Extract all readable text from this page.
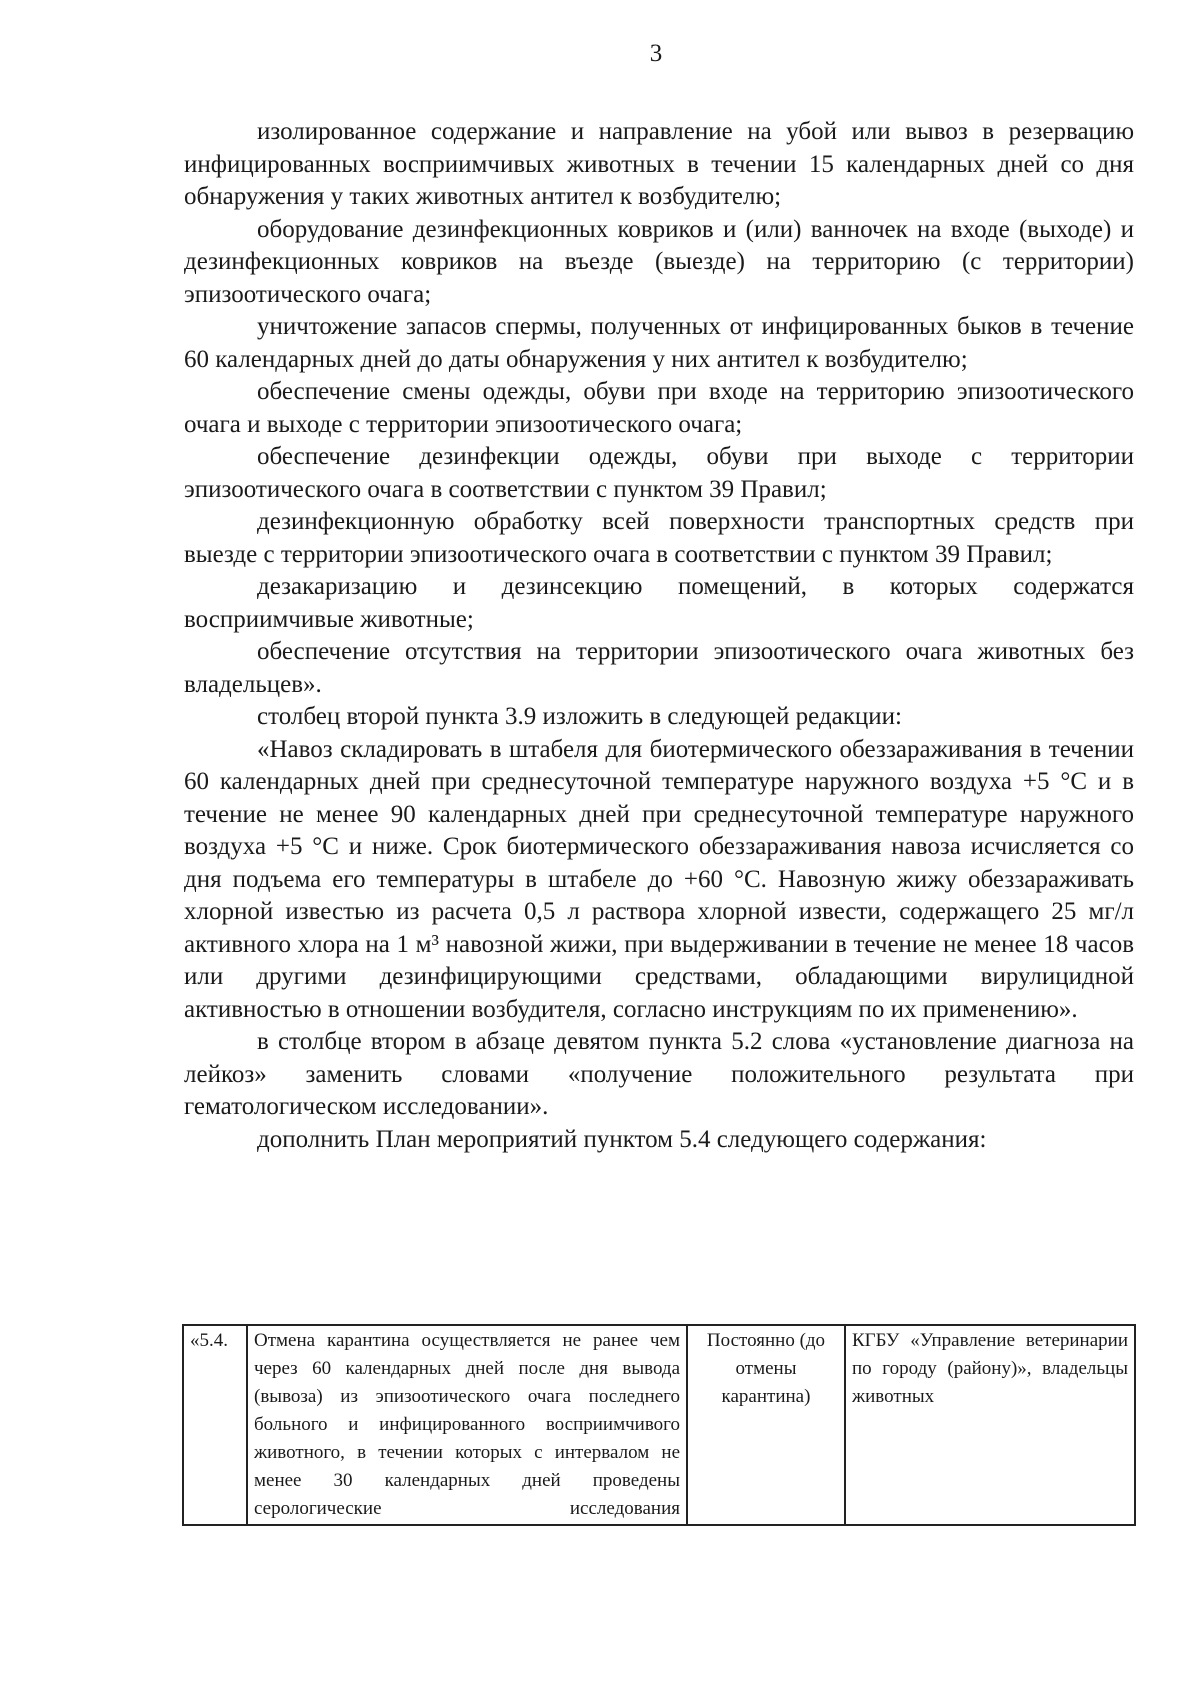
3

изолированное содержание и направление на убой или вывоз в резервацию инфицированных восприимчивых животных в течении 15 календарных дней со дня обнаружения у таких животных антител к возбудителю;

оборудование дезинфекционных ковриков и (или) ванночек на входе (выходе) и дезинфекционных ковриков на въезде (выезде) на территорию (с территории) эпизоотического очага;

уничтожение запасов спермы, полученных от инфицированных быков в течение 60 календарных дней до даты обнаружения у них антител к возбудителю;

обеспечение смены одежды, обуви при входе на территорию эпизоотического очага и выходе с территории эпизоотического очага;

обеспечение дезинфекции одежды, обуви при выходе с территории эпизоотического очага в соответствии с пунктом 39 Правил;

дезинфекционную обработку всей поверхности транспортных средств при выезде с территории эпизоотического очага в соответствии с пунктом 39 Правил;

дезакаризацию и дезинсекцию помещений, в которых содержатся восприимчивые животные;

обеспечение отсутствия на территории эпизоотического очага животных без владельцев».

столбец второй пункта 3.9 изложить в следующей редакции:

«Навоз складировать в штабеля для биотермического обеззараживания в течении 60 календарных дней при среднесуточной температуре наружного воздуха +5 °С и в течение не менее 90 календарных дней при среднесуточной температуре наружного воздуха +5 °С и ниже. Срок биотермического обеззараживания навоза исчисляется со дня подъема его температуры в штабеле до +60 °С. Навозную жижу обеззараживать хлорной известью из расчета 0,5 л раствора хлорной извести, содержащего 25 мг/л активного хлора на 1 м³ навозной жижи, при выдерживании в течение не менее 18 часов или другими дезинфицирующими средствами, обладающими вирулицидной активностью в отношении возбудителя, согласно инструкциям по их применению».

в столбце втором в абзаце девятом пункта 5.2 слова «установление диагноза на лейкоз» заменить словами «получение положительного результата при гематологическом исследовании».

дополнить План мероприятий пунктом 5.4 следующего содержания:

«5.4.	Отмена карантина осуществляется не ранее чем через 60 календарных дней после дня вывода (вывоза) из эпизоотического очага последнего больного и инфицированного восприимчивого животного, в течении которых с интервалом не менее 30 календарных дней проведены серологические исследования	Постоянно (до отмены карантина)	КГБУ «Управление ветеринарии по городу (району)», владельцы животных
